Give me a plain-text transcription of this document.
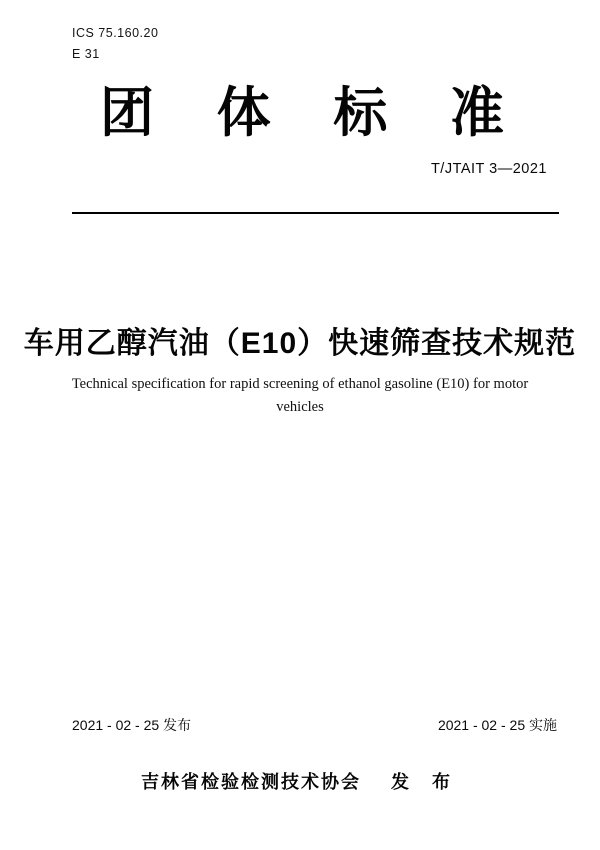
ICS 75.160.20
E 31
团 体 标 准
T/JTAIT 3—2021
车用乙醇汽油（E10）快速筛查技术规范
Technical specification for rapid screening of ethanol gasoline (E10) for motor vehicles
2021 - 02 - 25 发布	2021 - 02 - 25 实施
吉林省检验检测技术协会 发 布
